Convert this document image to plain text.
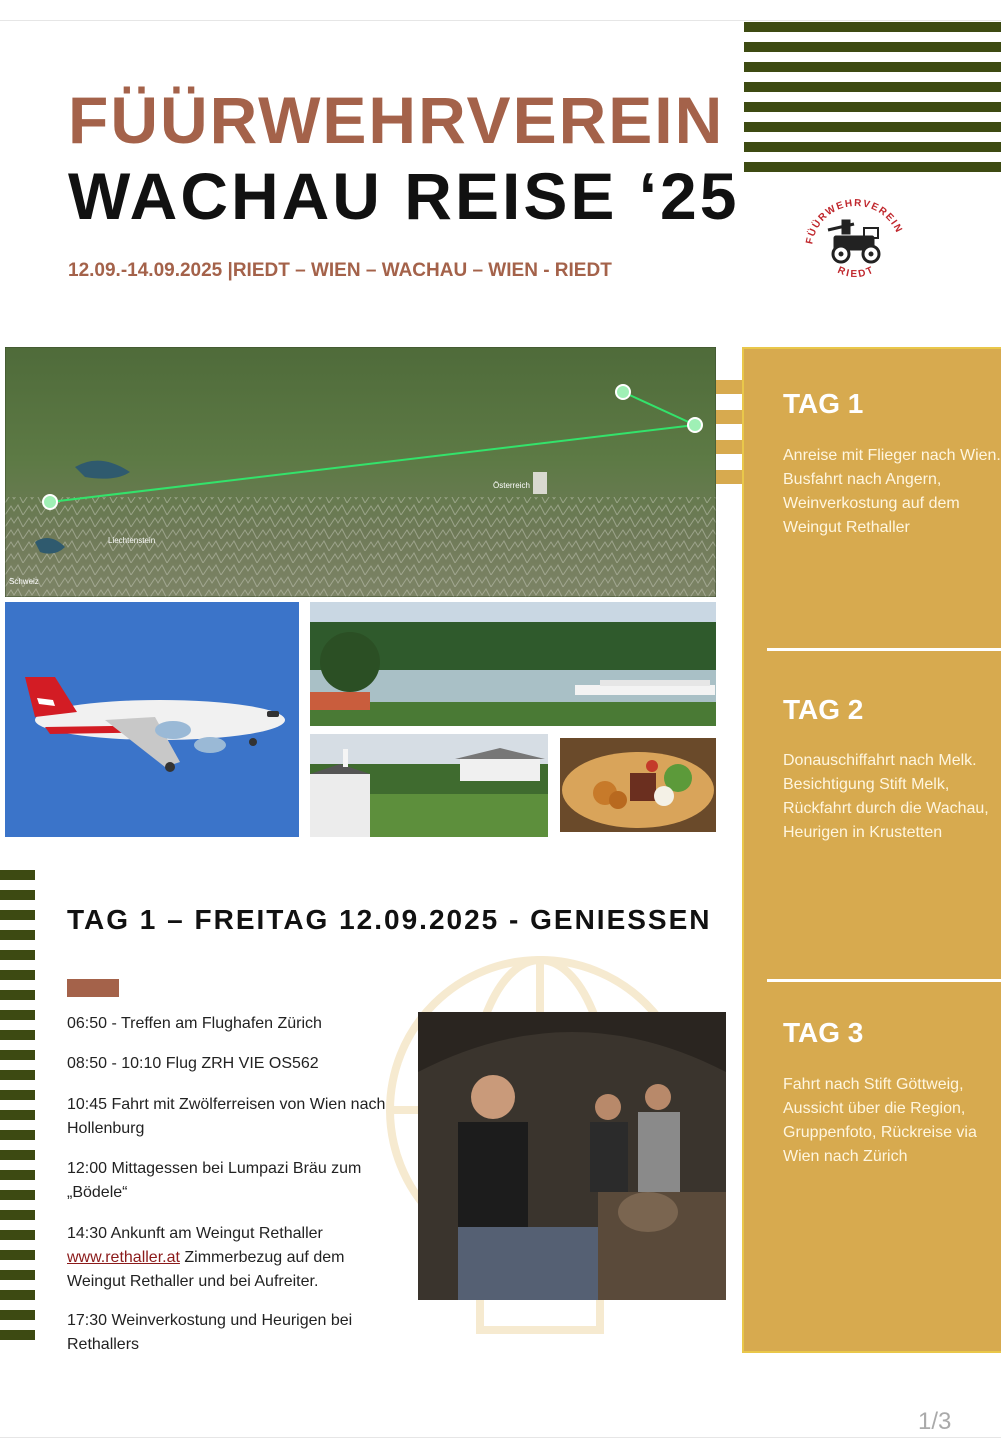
FÜÜRWEHRVEREIN
WACHAU REISE ‘25
12.09.-14.09.2025 |RIEDT – WIEN – WACHAU – WIEN - RIEDT
FÜÜRWEHRVEREIN
RIEDT
Österreich
Liechtenstein
Schweiz
TAG 1
Anreise mit Flieger nach Wien. Busfahrt nach Angern, Weinverkostung auf dem Weingut Rethaller
TAG 2
Donauschiffahrt nach Melk. Besichtigung Stift Melk, Rückfahrt durch die Wachau, Heurigen in Krustetten
TAG 3
Fahrt nach Stift Göttweig, Aussicht über die Region, Gruppenfoto, Rückreise via Wien nach Zürich
TAG 1 – FREITAG 12.09.2025 - GENIESSEN
06:50 - Treffen am Flughafen Zürich
08:50 - 10:10 Flug ZRH VIE OS562
10:45 Fahrt mit Zwölferreisen von Wien nach Hollenburg
12:00 Mittagessen bei Lumpazi Bräu zum „Bödele“
14:30 Ankunft am Weingut Rethaller www.rethaller.at Zimmerbezug auf dem Weingut Rethaller und bei Aufreiter.
17:30 Weinverkostung und Heurigen bei Rethallers
1/3
